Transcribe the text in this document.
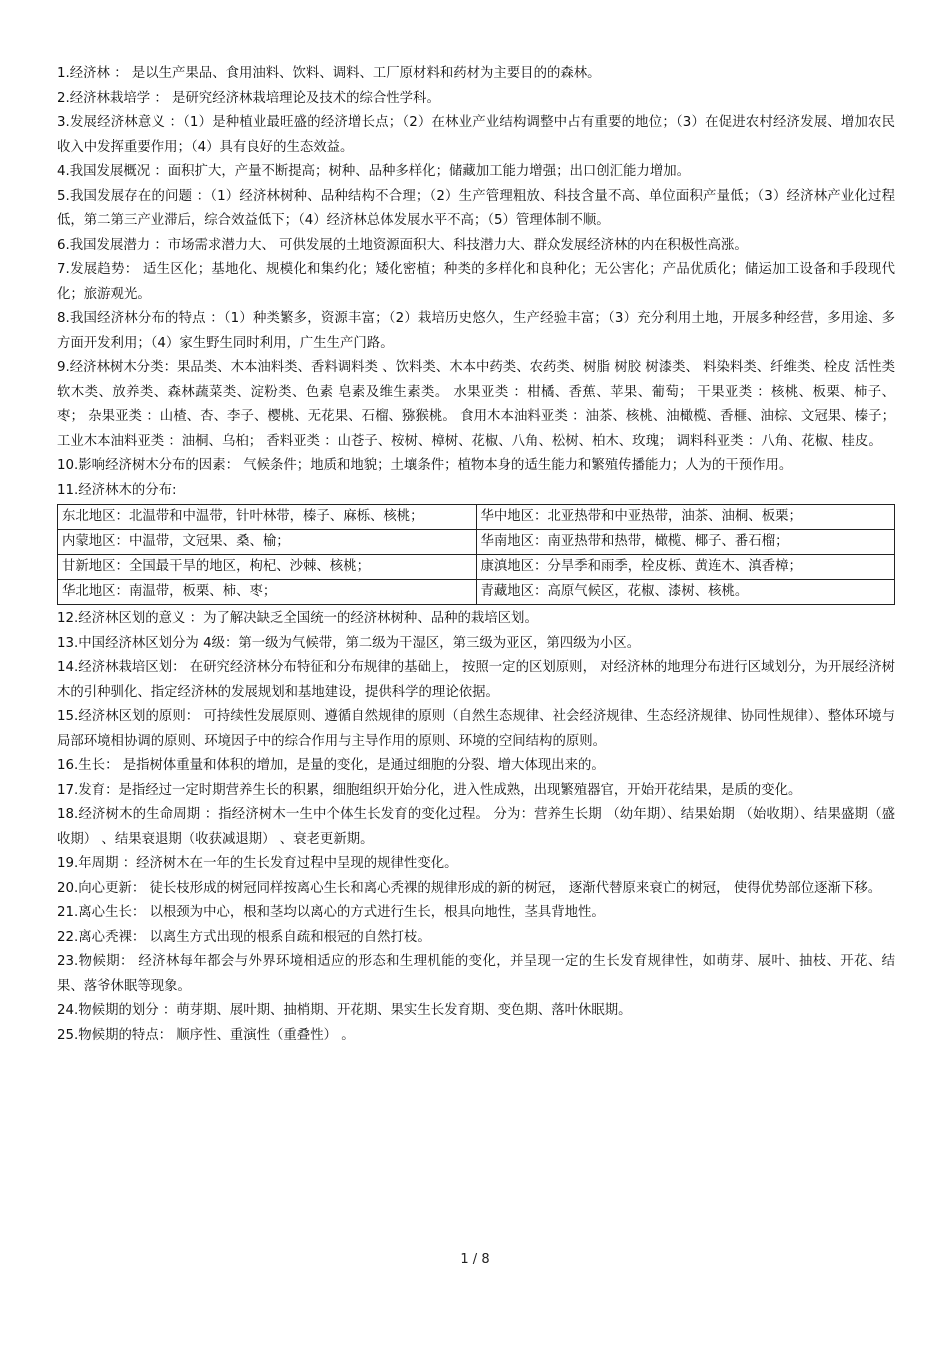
1.经济林 ： 是以生产果品、食用油料、饮料、调料、工厂原材料和药材为主要目的的森林。

2.经济林栽培学 ： 是研究经济林栽培理论及技术的综合性学科。

3.发展经济林意义 ：（1）是种植业最旺盛的经济增长点；（2）在林业产业结构调整中占有重要的地位；（3）在促进农村经济发展、增加农民收入中发挥重要作用；（4）具有良好的生态效益。

4.我国发展概况 ：面积扩大，产量不断提高；树种、品种多样化；储藏加工能力增强；出口创汇能力增加。

5.我国发展存在的问题 ：（1）经济林树种、品种结构不合理；（2）生产管理粗放、科技含量不高、单位面积产量低；（3）经济林产业化过程低，第二第三产业滞后，综合效益低下；（4）经济林总体发展水平不高；（5）管理体制不顺。

6.我国发展潜力 ：市场需求潜力大、 可供发展的土地资源面积大、科技潜力大、群众发展经济林的内在积极性高涨。

7.发展趋势： 适生区化；基地化、规模化和集约化；矮化密植；种类的多样化和良种化；无公害化；产品优质化；储运加工设备和手段现代化；旅游观光。

8.我国经济林分布的特点 ：（1）种类繁多，资源丰富；（2）栽培历史悠久，生产经验丰富；（3）充分利用土地，开展多种经营，多用途、多方面开发利用；（4）家生野生同时利用，广生生产门路。

9.经济林树木分类：果品类、木本油料类、香料调料类 、饮料类、木本中药类、农药类、树脂 树胶 树漆类、 料染料类、纤维类、栓皮 活性类 软木类、放养类、森林蔬菜类、淀粉类、色素 皂素及维生素类。 水果亚类 ：柑橘、香蕉、苹果、葡萄； 干果亚类 ：核桃、板栗、柿子、枣； 杂果亚类 ：山楂、杏、李子、樱桃、无花果、石榴、猕猴桃。 食用木本油料亚类 ：油茶、核桃、油橄榄、香榧、油棕、文冠果、榛子； 工业木本油料亚类 ：油桐、乌桕； 香料亚类 ：山苍子、桉树、樟树、花椒、八角、松树、柏木、玫瑰； 调料科亚类 ：八角、花椒、桂皮。

10.影响经济树木分布的因素： 气候条件；地质和地貌；土壤条件；植物本身的适生能力和繁殖传播能力；人为的干预作用。

11.经济林木的分布:

东北地区：北温带和中温带，针叶林带，榛子、麻栎、核桃；	华中地区：北亚热带和中亚热带，油茶、油桐、板栗；
内蒙地区：中温带，文冠果、桑、榆；	华南地区：南亚热带和热带，橄榄、椰子、番石榴；
甘新地区：全国最干旱的地区，枸杞、沙棘、核桃；	康滇地区：分旱季和雨季，栓皮栎、黄连木、滇香樟；
华北地区：南温带，板栗、柿、枣；	青藏地区：高原气候区，花椒、漆树、核桃。

12.经济林区划的意义 ：为了解决缺乏全国统一的经济林树种、品种的栽培区划。

13.中国经济林区划分为 4级：第一级为气候带，第二级为干湿区，第三级为亚区，第四级为小区。

14.经济林栽培区划： 在研究经济林分布特征和分布规律的基础上， 按照一定的区划原则， 对经济林的地理分布进行区域划分，为开展经济树木的引种驯化、指定经济林的发展规划和基地建设，提供科学的理论依据。

15.经济林区划的原则： 可持续性发展原则、遵循自然规律的原则（自然生态规律、社会经济规律、生态经济规律、协同性规律）、整体环境与局部环境相协调的原则、环境因子中的综合作用与主导作用的原则、环境的空间结构的原则。

16.生长： 是指树体重量和体积的增加，是量的变化，是通过细胞的分裂、增大体现出来的。

17.发育：是指经过一定时期营养生长的积累，细胞组织开始分化，进入性成熟，出现繁殖器官，开始开花结果，是质的变化。

18.经济树木的生命周期 ：指经济树木一生中个体生长发育的变化过程。 分为：营养生长期 （幼年期）、结果始期 （始收期）、结果盛期（盛收期） 、结果衰退期（收获减退期） 、衰老更新期。

19.年周期 ：经济树木在一年的生长发育过程中呈现的规律性变化。

20.向心更新： 徒长枝形成的树冠同样按离心生长和离心秃裸的规律形成的新的树冠， 逐渐代替原来衰亡的树冠， 使得优势部位逐渐下移。

21.离心生长： 以根颈为中心，根和茎均以离心的方式进行生长，根具向地性，茎具背地性。

22.离心秃裸： 以离生方式出现的根系自疏和根冠的自然打枝。

23.物候期： 经济林每年都会与外界环境相适应的形态和生理机能的变化，并呈现一定的生长发育规律性，如萌芽、展叶、抽枝、开花、结果、落爷休眠等现象。

24.物候期的划分 ：萌芽期、展叶期、抽梢期、开花期、果实生长发育期、变色期、落叶休眠期。

25.物候期的特点： 顺序性、重演性（重叠性） 。

1 / 8
